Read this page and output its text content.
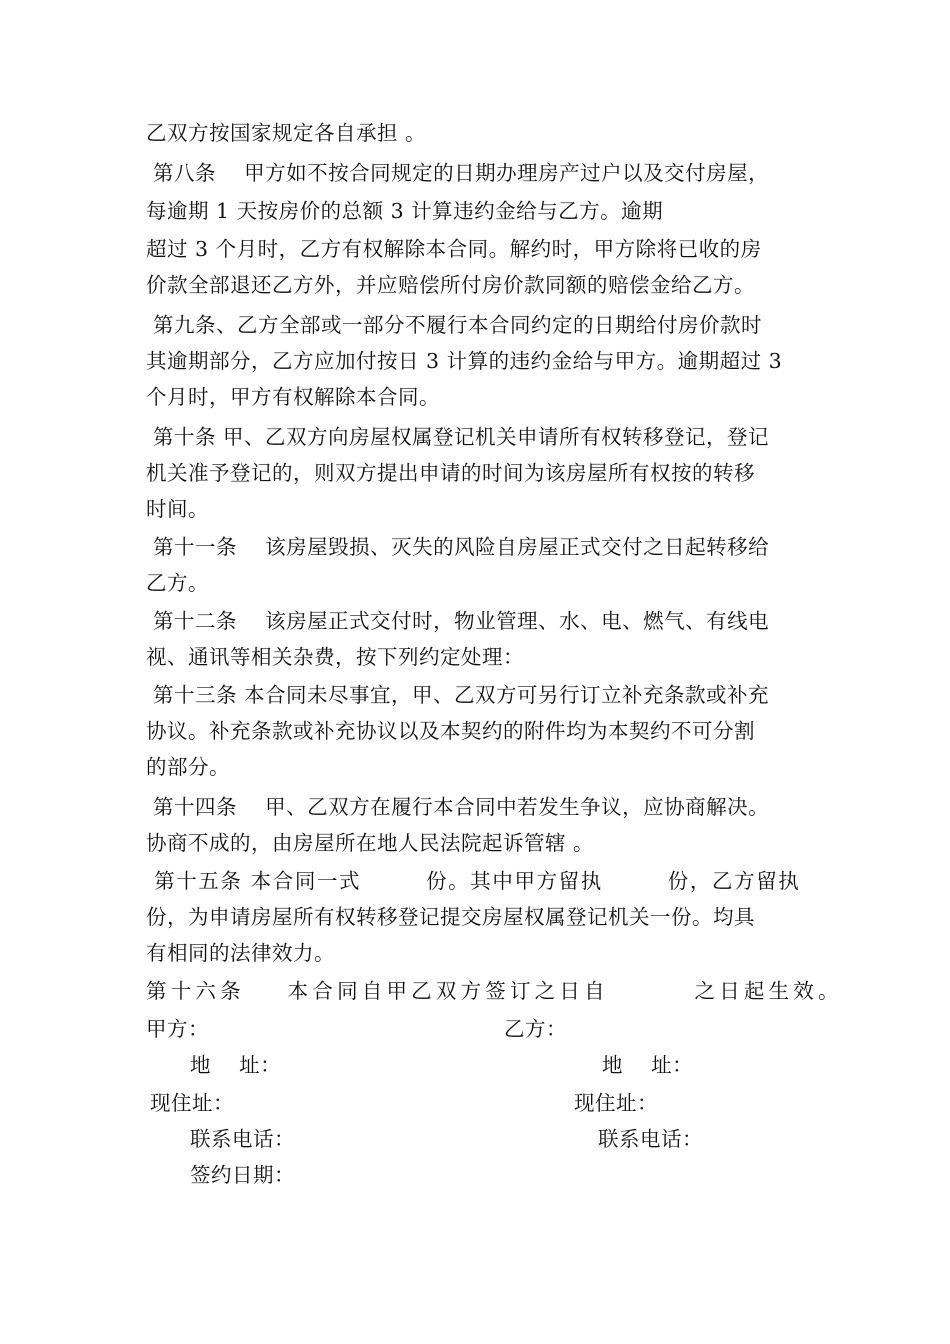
乙双方按国家规定各自承担 。
第八条    甲方如不按合同规定的日期办理房产过户以及交付房屋，
每逾期 1 天按房价的总额 3 计算违约金给与乙方。逾期
超过 3 个月时，乙方有权解除本合同。解约时，甲方除将已收的房
价款全部退还乙方外，并应赔偿所付房价款同额的赔偿金给乙方。
第九条、乙方全部或一部分不履行本合同约定的日期给付房价款时
其逾期部分，乙方应加付按日 3 计算的违约金给与甲方。逾期超过 3
个月时，甲方有权解除本合同。
第十条 甲、乙双方向房屋权属登记机关申请所有权转移登记，登记
机关准予登记的，则双方提出申请的时间为该房屋所有权按的转移
时间。
第十一条    该房屋毁损、灭失的风险自房屋正式交付之日起转移给
乙方。
第十二条    该房屋正式交付时，物业管理、水、电、燃气、有线电
视、通讯等相关杂费，按下列约定处理：
第十三条 本合同未尽事宜，甲、乙双方可另行订立补充条款或补充
协议。补充条款或补充协议以及本契约的附件均为本契约不可分割
的部分。
第十四条    甲、乙双方在履行本合同中若发生争议，应协商解决。
协商不成的，由房屋所在地人民法院起诉管辖 。
第十五条 本合同一式        份。其中甲方留执        份，乙方留执
份，为申请房屋所有权转移登记提交房屋权属登记机关一份。均具
有相同的法律效力。
第十六条    本合同自甲乙双方签订之日自        之日起生效。
甲方：	乙方：
地    址：	地    址：
现住址：	现住址：
联系电话：	联系电话：
签约日期：
